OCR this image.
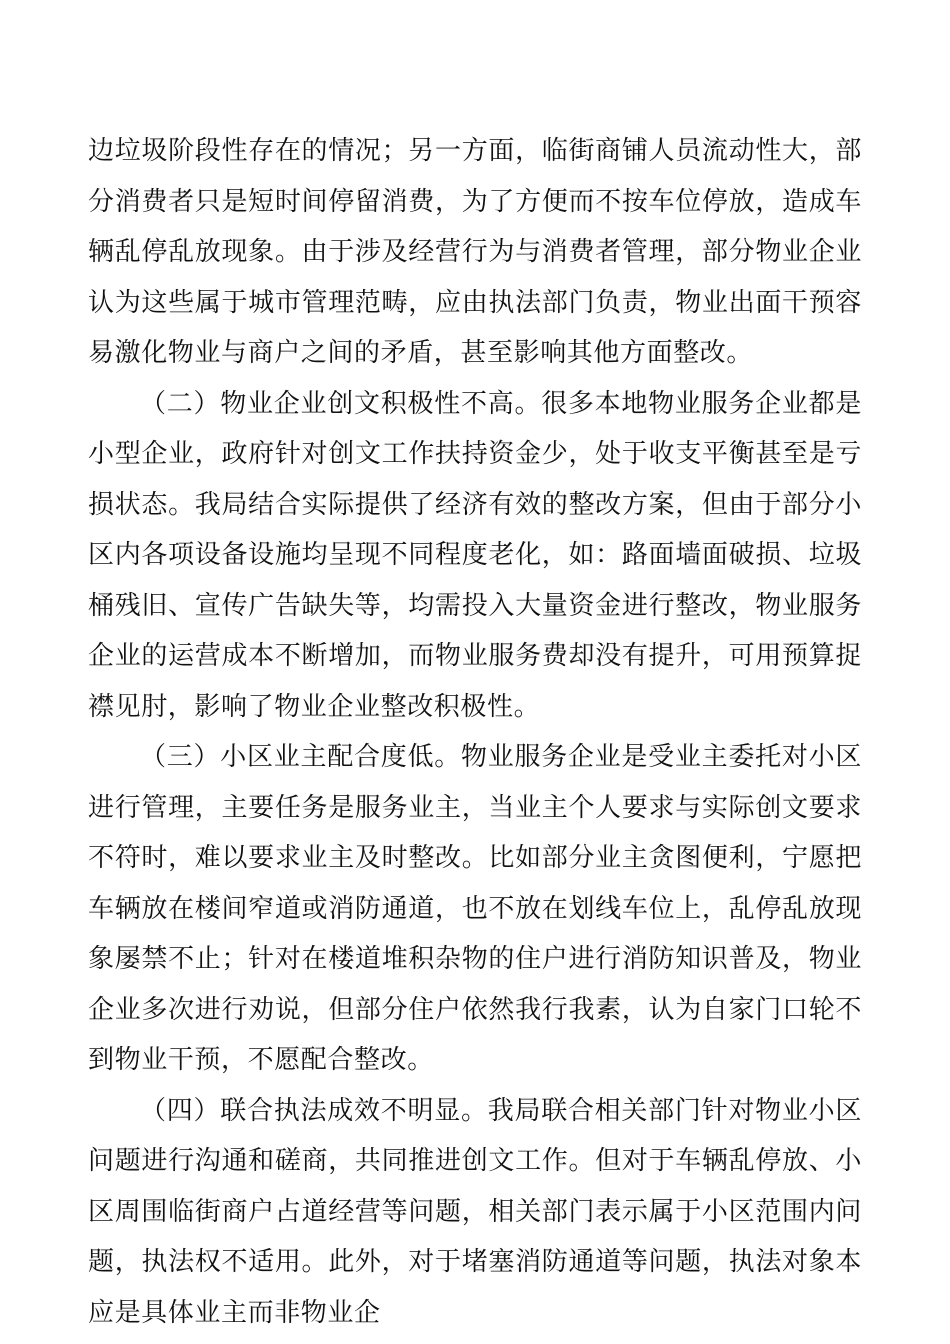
边垃圾阶段性存在的情况；另一方面，临街商铺人员流动性大，部分消费者只是短时间停留消费，为了方便而不按车位停放，造成车辆乱停乱放现象。由于涉及经营行为与消费者管理，部分物业企业认为这些属于城市管理范畴，应由执法部门负责，物业出面干预容易激化物业与商户之间的矛盾，甚至影响其他方面整改。

（二）物业企业创文积极性不高。很多本地物业服务企业都是小型企业，政府针对创文工作扶持资金少，处于收支平衡甚至是亏损状态。我局结合实际提供了经济有效的整改方案，但由于部分小区内各项设备设施均呈现不同程度老化，如：路面墙面破损、垃圾桶残旧、宣传广告缺失等，均需投入大量资金进行整改，物业服务企业的运营成本不断增加，而物业服务费却没有提升，可用预算捉襟见肘，影响了物业企业整改积极性。

（三）小区业主配合度低。物业服务企业是受业主委托对小区进行管理，主要任务是服务业主，当业主个人要求与实际创文要求不符时，难以要求业主及时整改。比如部分业主贪图便利，宁愿把车辆放在楼间窄道或消防通道，也不放在划线车位上，乱停乱放现象屡禁不止；针对在楼道堆积杂物的住户进行消防知识普及，物业企业多次进行劝说，但部分住户依然我行我素，认为自家门口轮不到物业干预，不愿配合整改。

（四）联合执法成效不明显。我局联合相关部门针对物业小区问题进行沟通和磋商，共同推进创文工作。但对于车辆乱停放、小区周围临街商户占道经营等问题，相关部门表示属于小区范围内问题，执法权不适用。此外，对于堵塞消防通道等问题，执法对象本应是具体业主而非物业企
